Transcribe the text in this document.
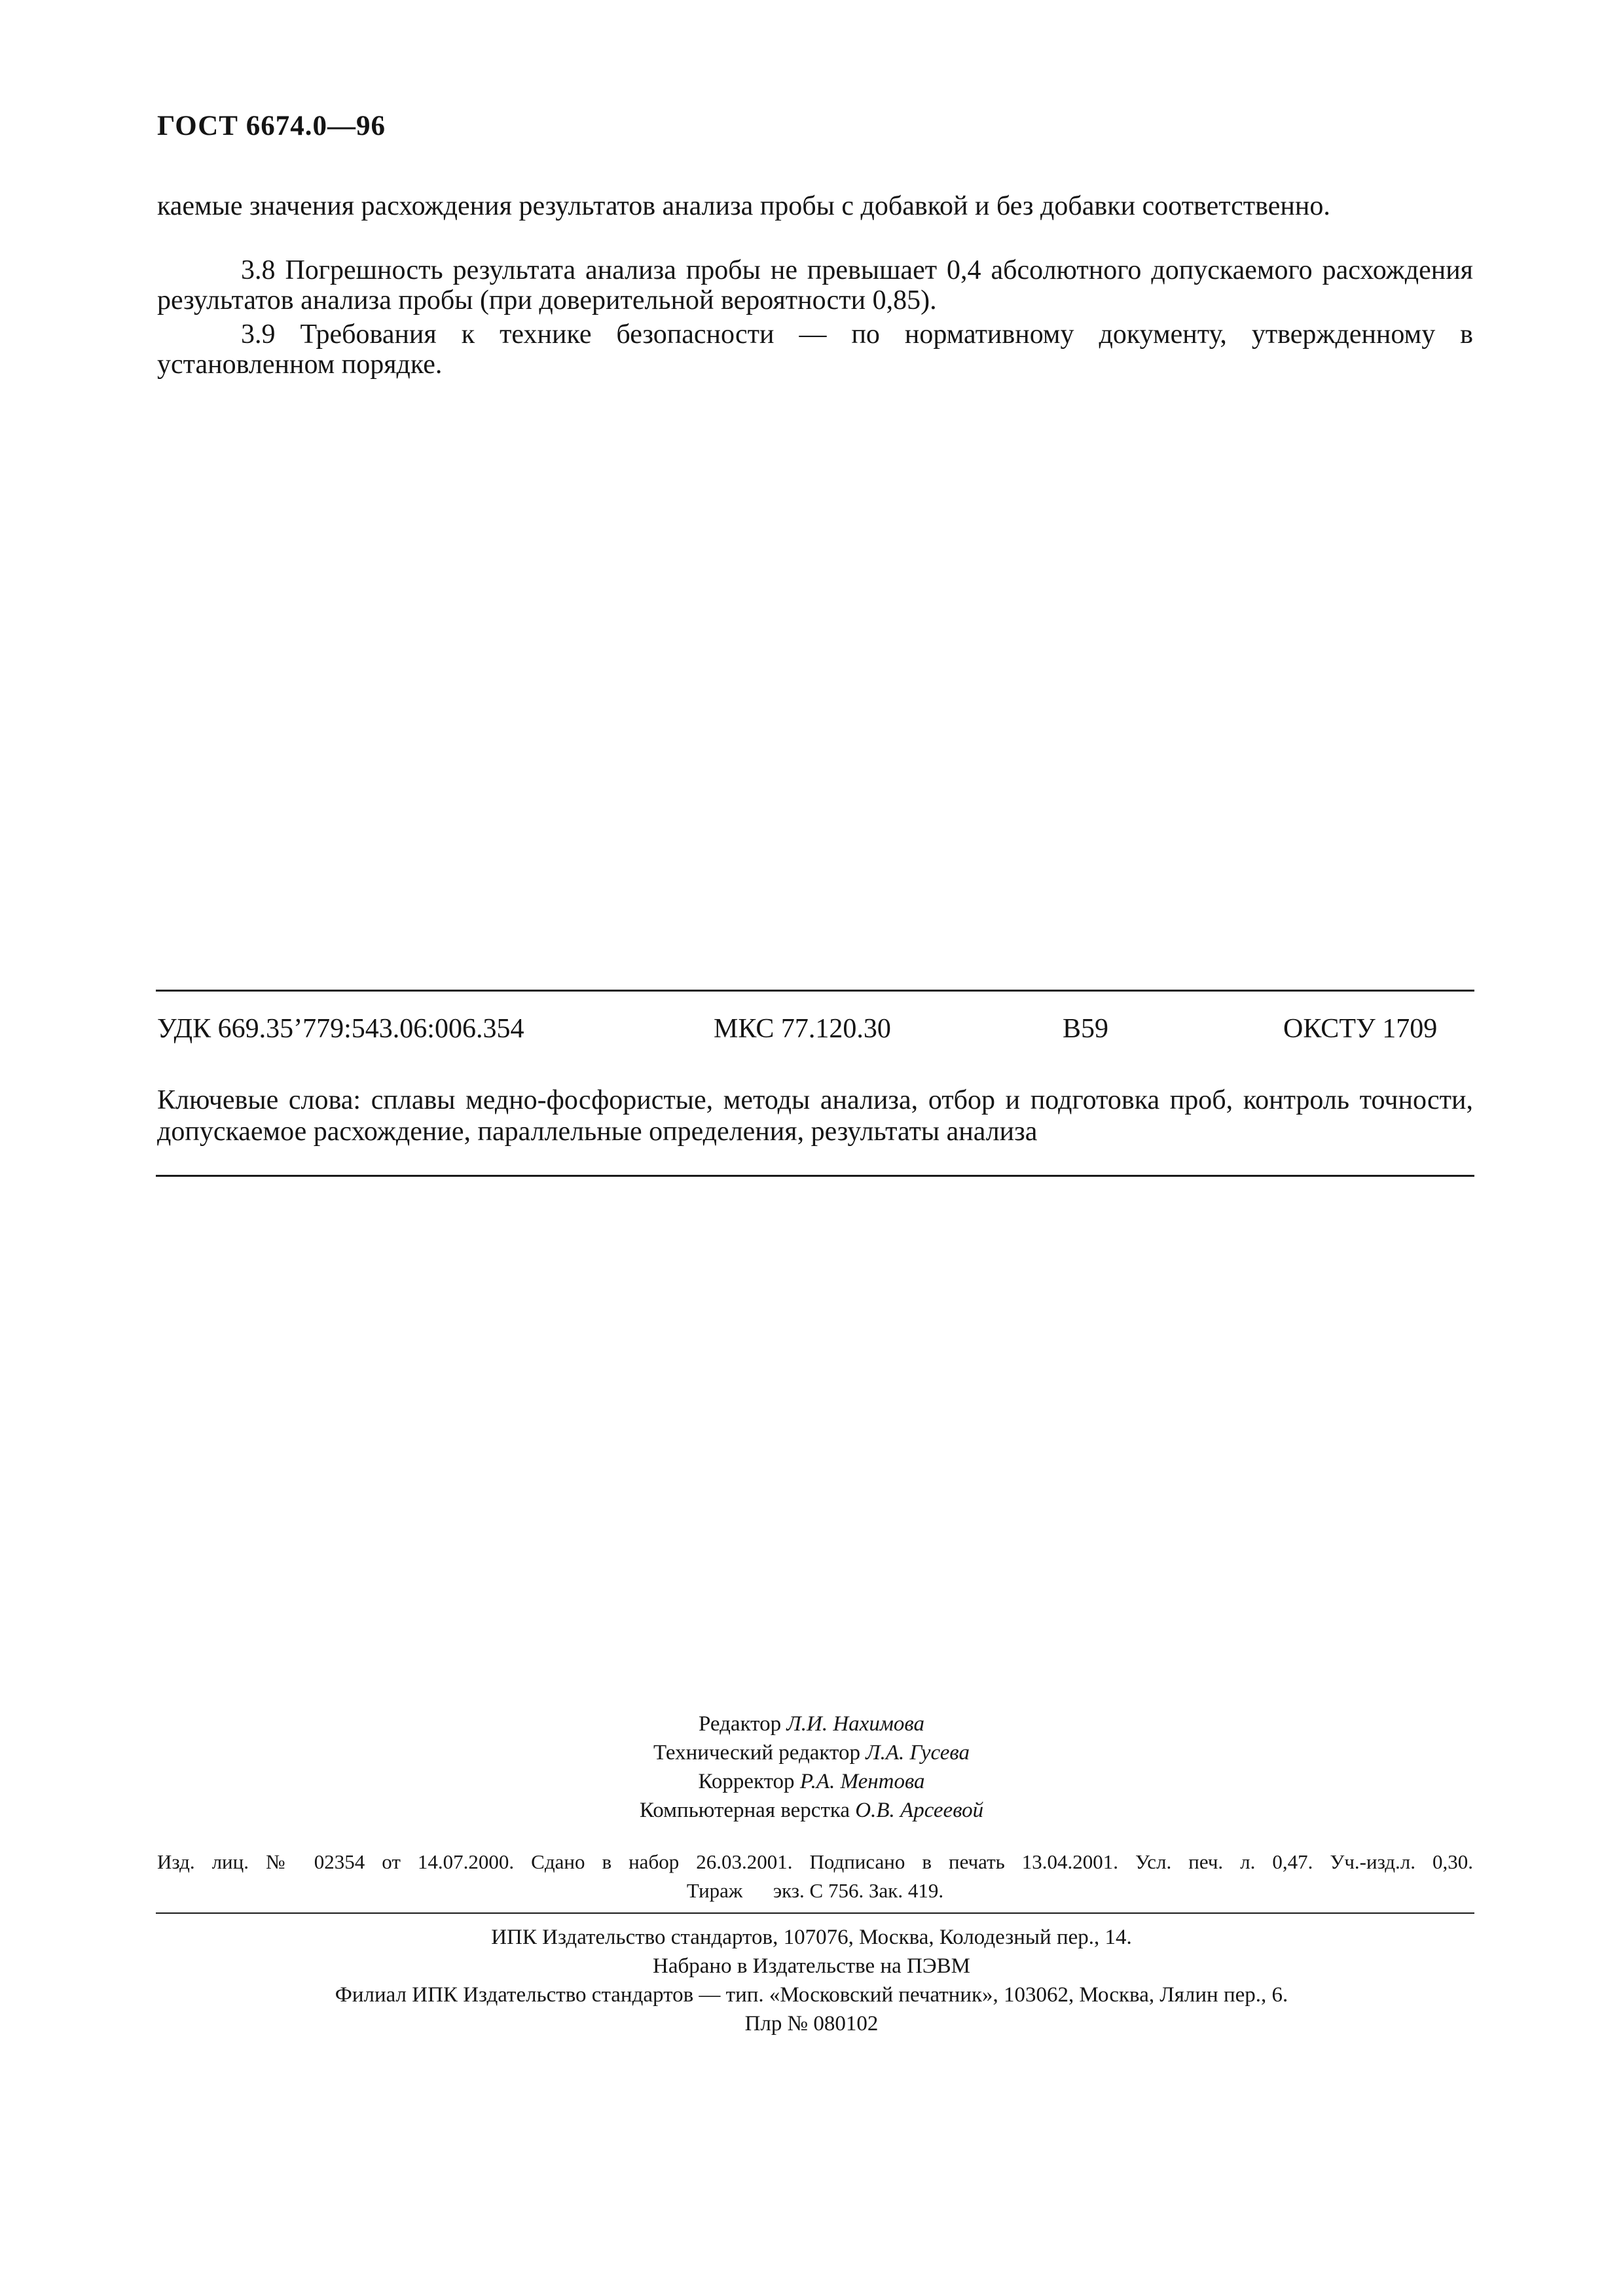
ГОСТ 6674.0—96

каемые значения расхождения результатов анализа пробы с добавкой и без добавки соответственно.

3.8 Погрешность результата анализа пробы не превышает 0,4 абсолютного допускаемого расхождения результатов анализа пробы (при доверительной вероятности 0,85).

3.9 Требования к технике безопасности — по нормативному документу, утвержденному в установленном порядке.

УДК 669.35’779:543.06:006.354	МКС 77.120.30	В59	ОКСТУ 1709

Ключевые слова: сплавы медно-фосфористые, методы анализа, отбор и подготовка проб, контроль точности, допускаемое расхождение, параллельные определения, результаты анализа

Редактор Л.И. Нахимова
Технический редактор Л.А. Гусева
Корректор Р.А. Ментова
Компьютерная верстка О.В. Арсеевой
Изд. лиц. № 02354 от 14.07.2000. Сдано в набор 26.03.2001. Подписано в печать 13.04.2001. Усл. печ. л. 0,47. Уч.-изд.л. 0,30.
Тираж      экз. С 756. Зак. 419.
ИПК Издательство стандартов, 107076, Москва, Колодезный пер., 14.
Набрано в Издательстве на ПЭВМ
Филиал ИПК Издательство стандартов — тип. «Московский печатник», 103062, Москва, Лялин пер., 6.
Плр № 080102
